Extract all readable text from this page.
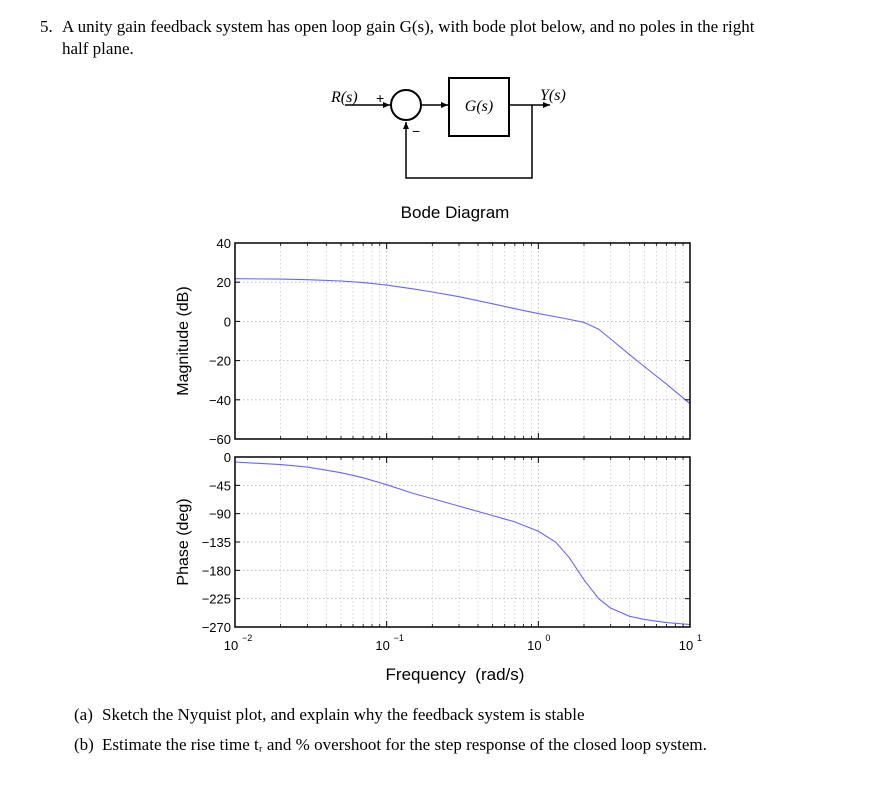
5. A unity gain feedback system has open loop gain G(s), with bode plot below, and no poles in the right
half plane.
R(s) +
−
G(s)
Y(s)
Bode Diagram
40
20
0
−20
−40
−60
Magnitude (dB)
0
−45
−90
−135
−180
−225
−270
Phase (deg)
10 −2	10 −1	10 0	10 1
Frequency  (rad/s)
(a) Sketch the Nyquist plot, and explain why the feedback system is stable
(b) Estimate the rise time tᵣ and % overshoot for the step response of the closed loop system.
